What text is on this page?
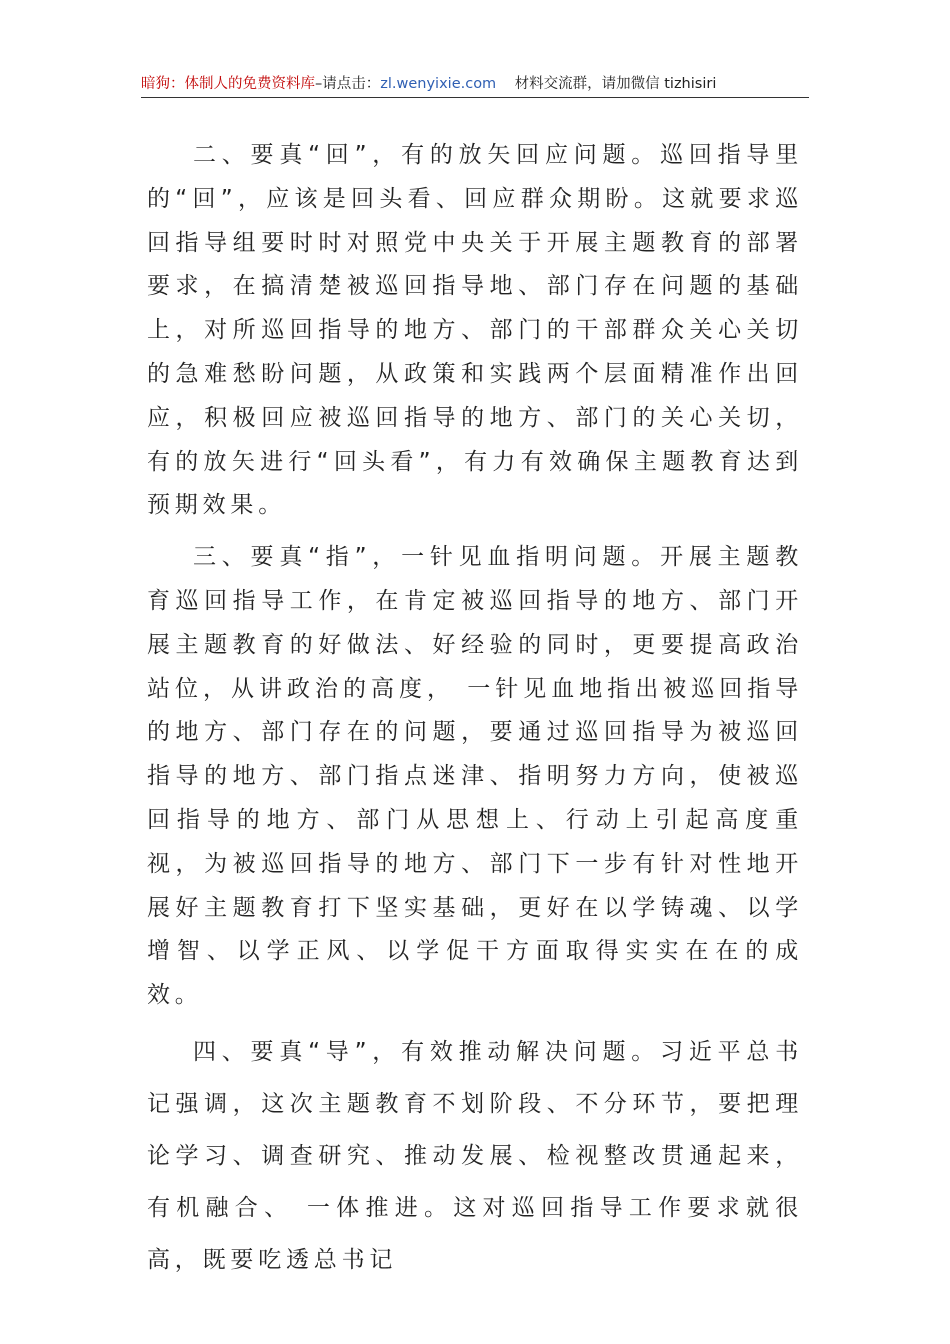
暗狗：体制人的免费资料库–请点击：zl.wenyixie.com 材料交流群，请加微信 tizhisiri

二、要真“回”，有的放矢回应问题。巡回指导里的“回”，应该是回头看、回应群众期盼。这就要求巡回指导组要时时对照党中央关于开展主题教育的部署要求，在搞清楚被巡回指导地、部门存在问题的基础上，对所巡回指导的地方、部门的干部群众关心关切的急难愁盼问题，从政策和实践两个层面精准作出回应，积极回应被巡回指导的地方、部门的关心关切，有的放矢进行“回头看”，有力有效确保主题教育达到预期效果。

三、要真“指”，一针见血指明问题。开展主题教育巡回指导工作，在肯定被巡回指导的地方、部门开展主题教育的好做法、好经验的同时，更要提高政治站位，从讲政治的高度， 一针见血地指出被巡回指导的地方、部门存在的问题，要通过巡回指导为被巡回指导的地方、部门指点迷津、指明努力方向，使被巡回指导的地方、部门从思想上、行动上引起高度重视，为被巡回指导的地方、部门下一步有针对性地开展好主题教育打下坚实基础，更好在以学铸魂、以学增智、以学正风、以学促干方面取得实实在在的成效。

四、要真“导”，有效推动解决问题。习近平总书记强调，这次主题教育不划阶段、不分环节，要把理论学习、调查研究、推动发展、检视整改贯通起来，有机融合、 一体推进。这对巡回指导工作要求就很高，既要吃透总书记
